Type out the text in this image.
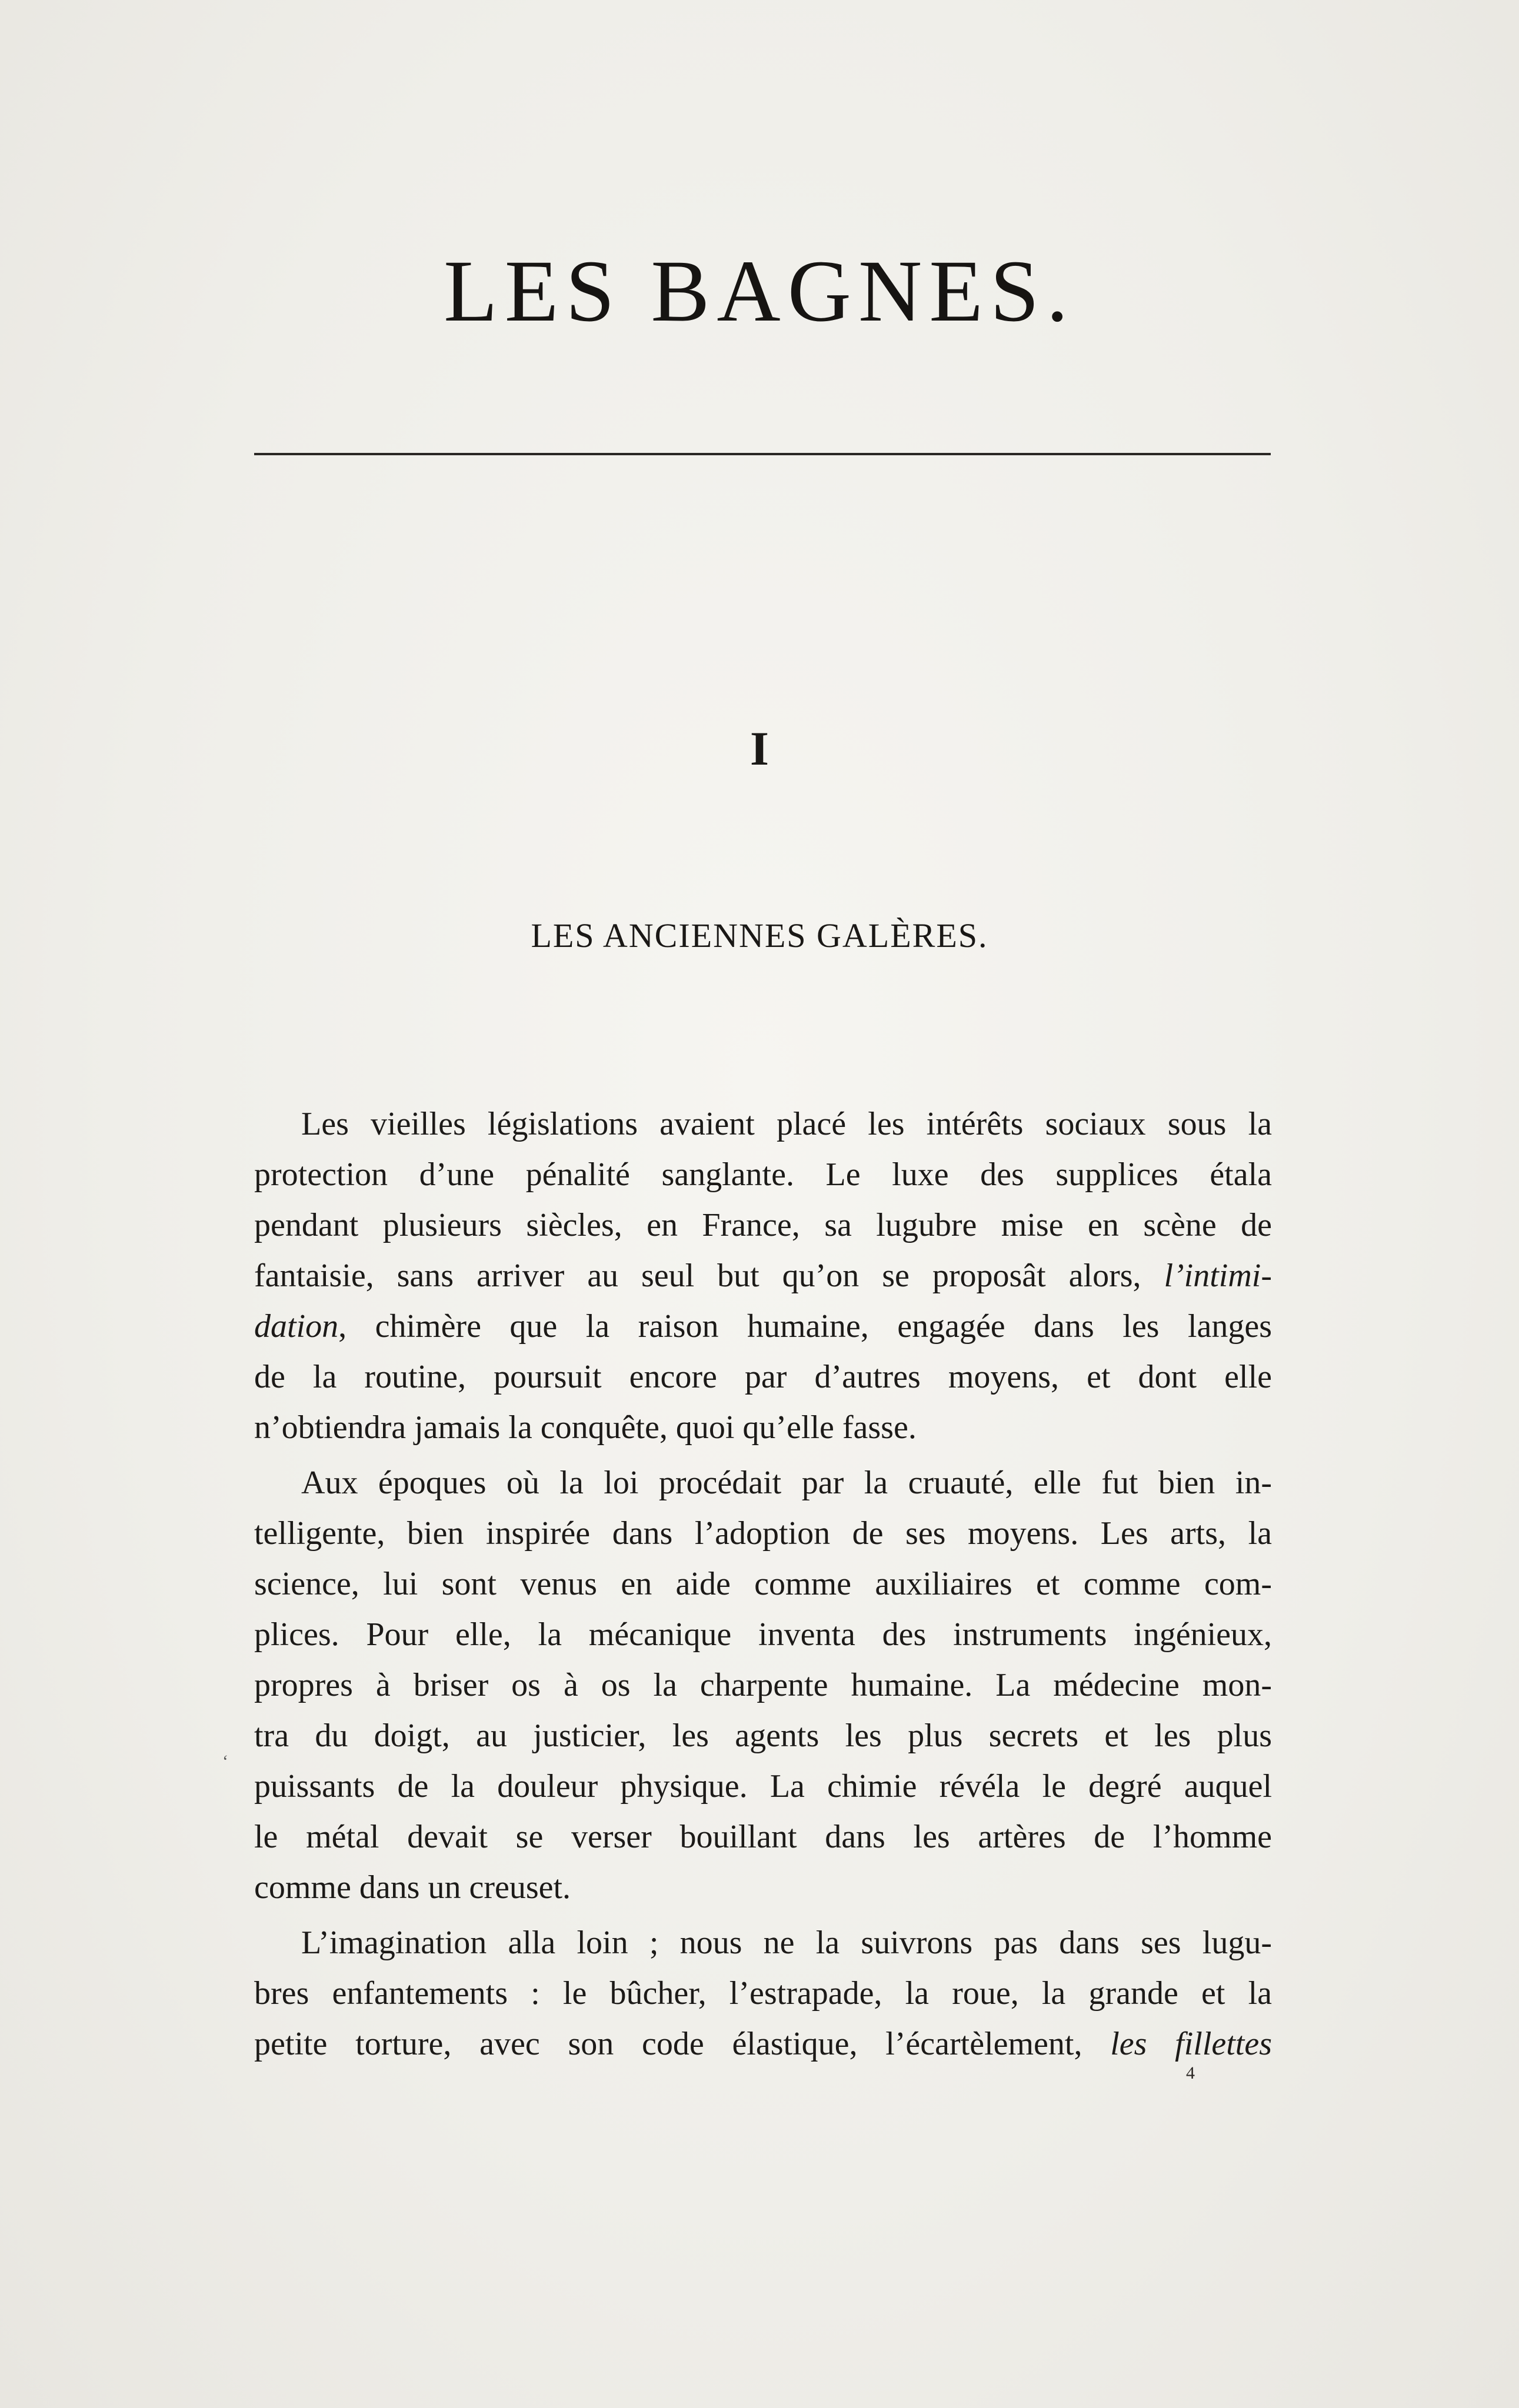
LES BAGNES.
I
LES ANCIENNES GALÈRES.
Les vieilles législations avaient placé les intérêts sociaux sous la
protection d’une pénalité sanglante. Le luxe des supplices étala
pendant plusieurs siècles, en France, sa lugubre mise en scène de
fantaisie, sans arriver au seul but qu’on se proposât alors, l’intimi-
dation, chimère que la raison humaine, engagée dans les langes
de la routine, poursuit encore par d’autres moyens, et dont elle
n’obtiendra jamais la conquête, quoi qu’elle fasse.
Aux époques où la loi procédait par la cruauté, elle fut bien in-
telligente, bien inspirée dans l’adoption de ses moyens. Les arts, la
science, lui sont venus en aide comme auxiliaires et comme com-
plices. Pour elle, la mécanique inventa des instruments ingénieux,
propres à briser os à os la charpente humaine. La médecine mon-
tra du doigt, au justicier, les agents les plus secrets et les plus
puissants de la douleur physique. La chimie révéla le degré auquel
le métal devait se verser bouillant dans les artères de l’homme
comme dans un creuset.
L’imagination alla loin ; nous ne la suivrons pas dans ses lugu-
bres enfantements : le bûcher, l’estrapade, la roue, la grande et la
petite torture, avec son code élastique, l’écartèlement, les fillettes
‘
4
